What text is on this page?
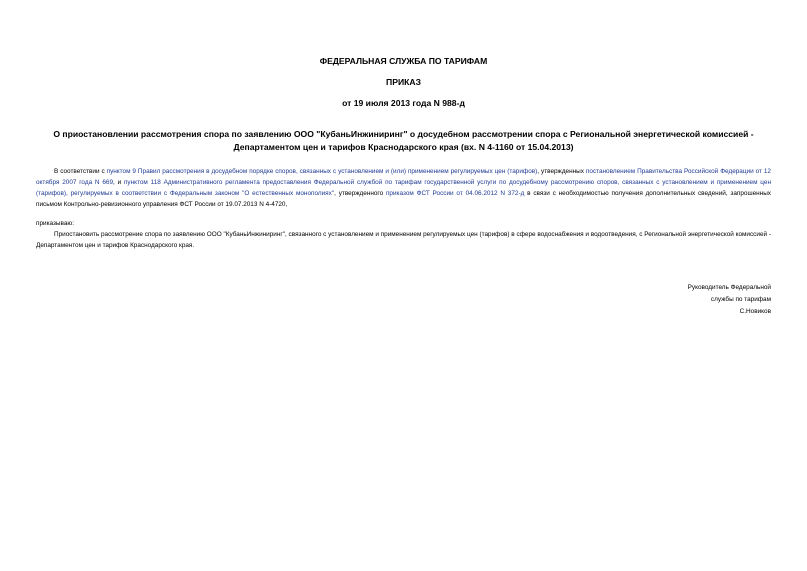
ФЕДЕРАЛЬНАЯ СЛУЖБА ПО ТАРИФАМ
ПРИКАЗ
от 19 июля 2013 года N 988-д
О приостановлении рассмотрения спора по заявлению ООО "КубаньИнжиниринг" о досудебном рассмотрении спора с Региональной энергетической комиссией -
Департаментом цен и тарифов Краснодарского края (вх. N 4-1160 от 15.04.2013)
В соответствии с пунктом 9 Правил рассмотрения в досудебном порядке споров, связанных с установлением и (или) применением регулируемых цен (тарифов), утвержденных постановлением Правительства Российской Федерации от 12 октября 2007 года N 669, и пунктом 118 Административного регламента предоставления Федеральной службой по тарифам государственной услуги по досудебному рассмотрению споров, связанных с установлением и применением цен (тарифов), регулируемых в соответствии с Федеральным законом "О естественных монополиях", утвержденного приказом ФСТ России от 04.06.2012 N 372-д в связи с необходимостью получения дополнительных сведений, запрошенных письмом Контрольно-ревизионного управления ФСТ России от 19.07.2013 N 4-4720,
приказываю:
Приостановить рассмотрение спора по заявлению ООО "КубаньИнжиниринг", связанного с установлением и применением регулируемых цен (тарифов) в сфере водоснабжения и водоотведения, с Региональной энергетической комиссией - Департаментом цен и тарифов Краснодарского края.
Руководитель Федеральной
службы по тарифам
С.Новиков
